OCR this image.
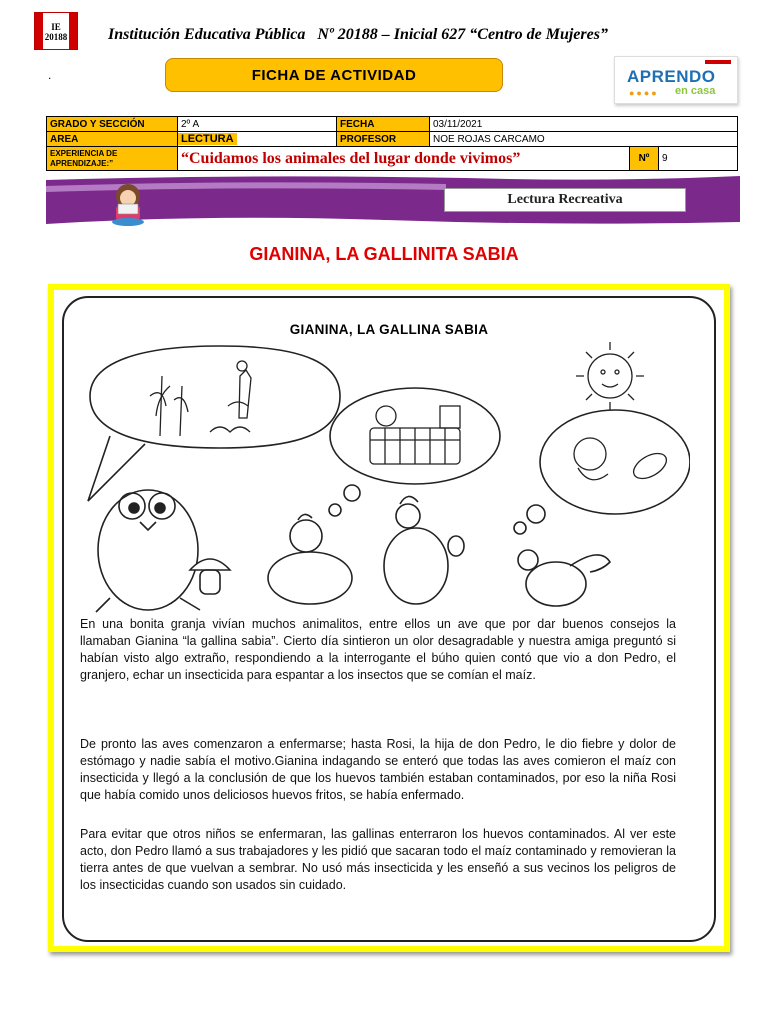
IE
20188	Institución Educativa Pública   Nº 20188 – Inicial 627 “Centro de Mujeres”
.	FICHA DE ACTIVIDAD	APRENDO
●●●● en casa
GRADO Y SECCIÓN	2º A	FECHA	03/11/2021		
AREA	LECTURA	PROFESOR	NOE ROJAS CARCAMO		
EXPERIENCIA DE APRENDIZAJE:”	“Cuidamos los animales del lugar donde vivimos”			Nº	9
Lectura Recreativa
GIANINA, LA GALLINITA SABIA
GIANINA, LA GALLINA SABIA

En una bonita granja vivían muchos animalitos, entre ellos un ave que por dar buenos consejos la llamaban Gianina “la gallina sabia”. Cierto día sintieron un olor desagradable y nuestra amiga preguntó si habían visto algo extraño, respondiendo a la interrogante el búho quien contó que vio a don Pedro, el granjero, echar un insecticida para espantar a los insectos que se comían el maíz.

De pronto las aves comenzaron a enfermarse; hasta Rosi, la hija de don Pedro, le dio fiebre y dolor de estómago y nadie sabía el motivo.Gianina indagando se enteró que todas las aves comieron el maíz con insecticida y llegó a la conclusión de que los huevos también estaban contaminados, por eso la niña Rosi que había comido unos deliciosos huevos fritos, se había enfermado.

Para evitar que otros niños se enfermaran, las gallinas enterraron los huevos contaminados. Al ver este acto, don Pedro llamó a sus trabajadores y les pidió que sacaran todo el maíz contaminado y removieran la tierra antes de que vuelvan a sembrar. No usó más insecticida y les enseñó a sus vecinos los peligros de los insecticidas cuando son usados sin cuidado.
